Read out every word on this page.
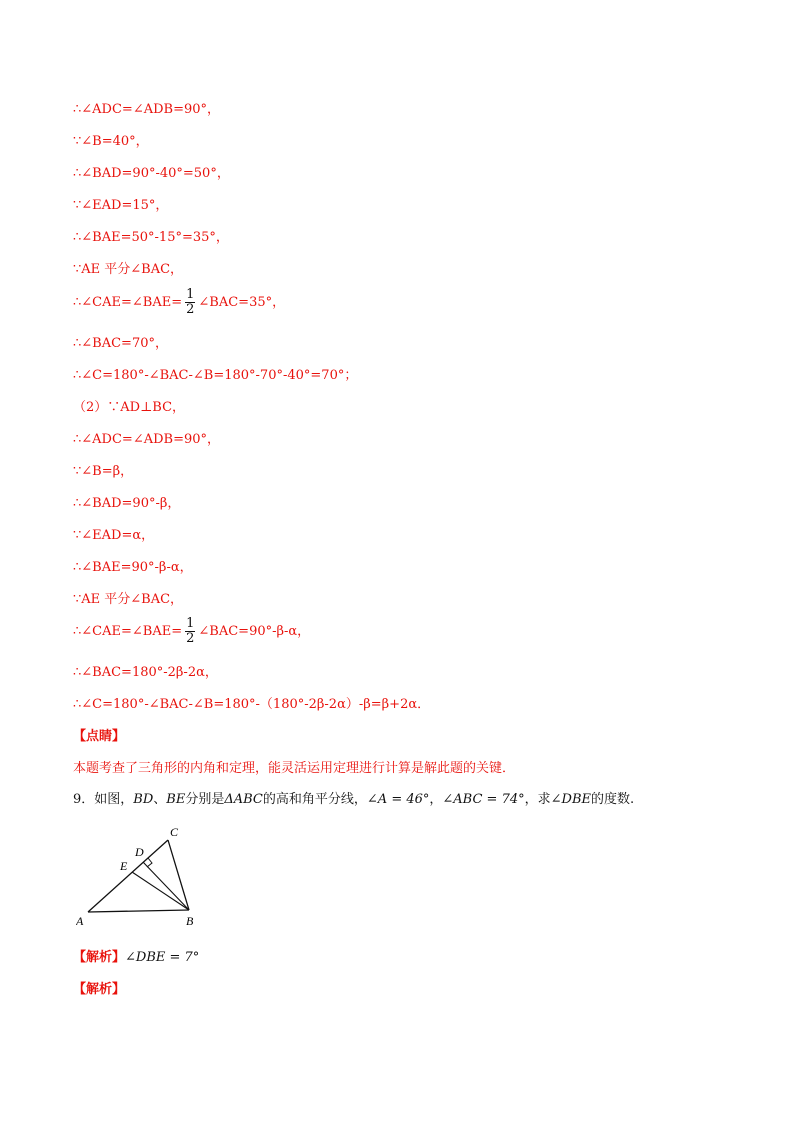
∴∠ADC=∠ADB=90°，
∵∠B=40°，
∴∠BAD=90°-40°=50°，
∵∠EAD=15°，
∴∠BAE=50°-15°=35°，
∵AE 平分∠BAC，
∴∠CAE=∠BAE= $\frac{1}{2}$ ∠BAC=35°，
∴∠BAC=70°，
∴∠C=180°-∠BAC-∠B=180°-70°-40°=70°；
（2）∵AD⊥BC，
∴∠ADC=∠ADB=90°，
∵∠B=β，
∴∠BAD=90°-β，
∵∠EAD=α，
∴∠BAE=90°-β-α，
∵AE 平分∠BAC，
∴∠CAE=∠BAE= $\frac{1}{2}$ ∠BAC=90°-β-α，
∴∠BAC=180°-2β-2α，
∴∠C=180°-∠BAC-∠B=180°-（180°-2β-2α）-β=β+2α．
【点睛】
本题考查了三角形的内角和定理，能灵活运用定理进行计算是解此题的关键．
9．如图，BD、BE分别是ΔABC的高和角平分线，∠A = 46°，∠ABC = 74°，求∠DBE的度数.
A	B
C
D
E
【解析】∠DBE = 7°
【解析】
